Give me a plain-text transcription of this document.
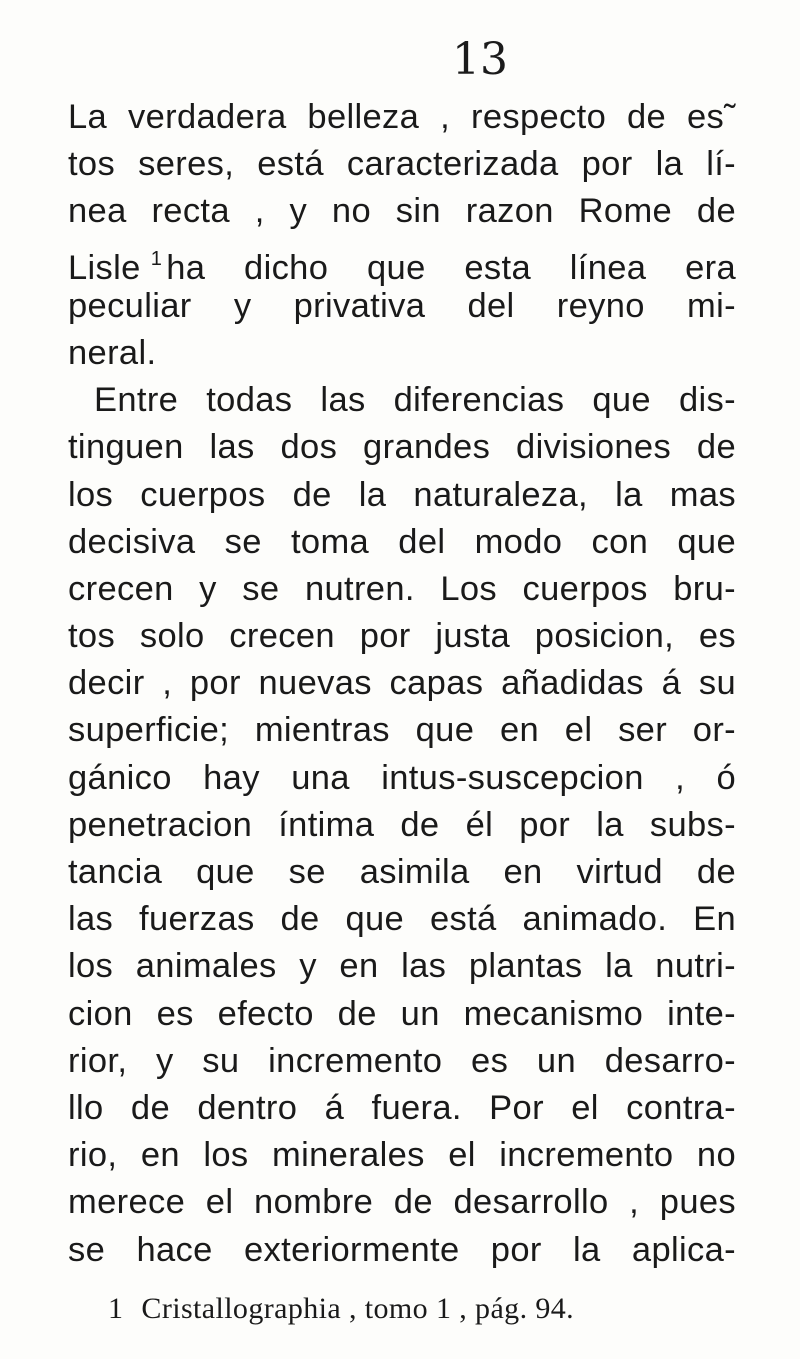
13
La verdadera belleza , respecto de es˜
tos seres, está caracterizada por la lí-
nea recta , y no sin razon Rome de
Lisle $^1$ ha dicho que esta línea era
peculiar y privativa del reyno mi-
neral.
Entre todas las diferencias que dis-
tinguen las dos grandes divisiones de
los cuerpos de la naturaleza, la mas
decisiva se toma del modo con que
crecen y se nutren. Los cuerpos bru-
tos solo crecen por justa posicion, es
decir , por nuevas capas añadidas á su
superficie; mientras que en el ser or-
gánico hay una intus-suscepcion , ó
penetracion íntima de él por la subs-
tancia que se asimila en virtud de
las fuerzas de que está animado. En
los animales y en las plantas la nutri-
cion es efecto de un mecanismo inte-
rior, y su incremento es un desarro-
llo de dentro á fuera. Por el contra-
rio, en los minerales el incremento no
merece el nombre de desarrollo , pues
se hace exteriormente por la aplica-
1 Cristallographia , tomo 1 , pág. 94.
